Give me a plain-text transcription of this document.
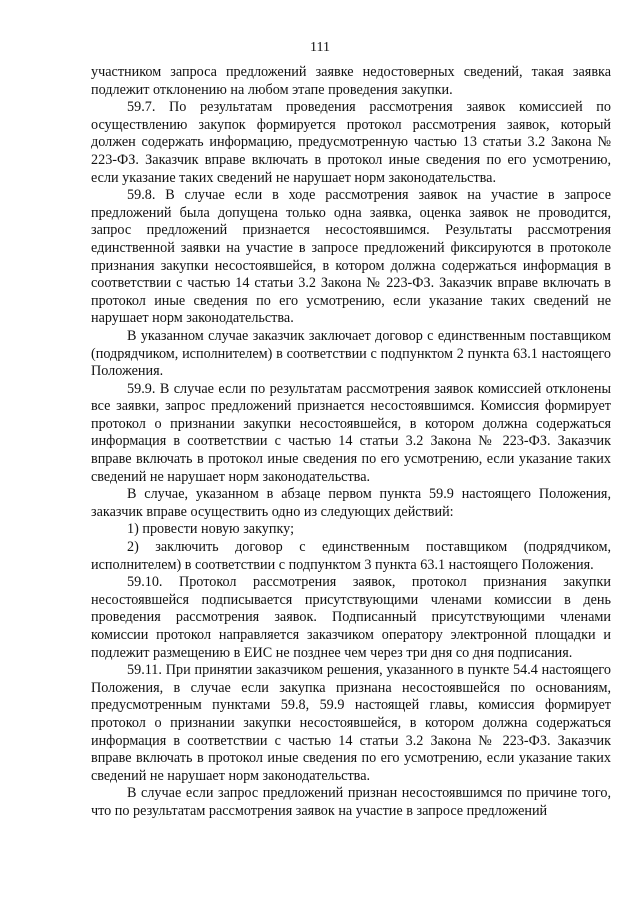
111

участником запроса предложений заявке недостоверных сведений, такая заявка подлежит отклонению на любом этапе проведения закупки.

59.7. По результатам проведения рассмотрения заявок комиссией по осуществлению закупок формируется протокол рассмотрения заявок, который должен содержать информацию, предусмотренную частью 13 статьи 3.2 Закона № 223-ФЗ. Заказчик вправе включать в протокол иные сведения по его усмотрению, если указание таких сведений не нарушает норм законодательства.

59.8. В случае если в ходе рассмотрения заявок на участие в запросе предложений была допущена только одна заявка, оценка заявок не проводится, запрос предложений признается несостоявшимся. Результаты рассмотрения единственной заявки на участие в запросе предложений фиксируются в протоколе признания закупки несостоявшейся, в котором должна содержаться информация в соответствии с частью 14 статьи 3.2 Закона № 223-ФЗ. Заказчик вправе включать в протокол иные сведения по его усмотрению, если указание таких сведений не нарушает норм законодательства.

В указанном случае заказчик заключает договор с единственным поставщиком (подрядчиком, исполнителем) в соответствии с подпунктом 2 пункта 63.1 настоящего Положения.

59.9. В случае если по результатам рассмотрения заявок комиссией отклонены все заявки, запрос предложений признается несостоявшимся. Комиссия формирует протокол о признании закупки несостоявшейся, в котором должна содержаться информация в соответствии с частью 14 статьи 3.2 Закона № 223-ФЗ. Заказчик вправе включать в протокол иные сведения по его усмотрению, если указание таких сведений не нарушает норм законодательства.

В случае, указанном в абзаце первом пункта 59.9 настоящего Положения, заказчик вправе осуществить одно из следующих действий:

1) провести новую закупку;

2) заключить договор с единственным поставщиком (подрядчиком, исполнителем) в соответствии с подпунктом 3 пункта 63.1 настоящего Положения.

59.10. Протокол рассмотрения заявок, протокол признания закупки несостоявшейся подписывается присутствующими членами комиссии в день проведения рассмотрения заявок. Подписанный присутствующими членами комиссии протокол направляется заказчиком оператору электронной площадки и подлежит размещению в ЕИС не позднее чем через три дня со дня подписания.

59.11. При принятии заказчиком решения, указанного в пункте 54.4 настоящего Положения, в случае если закупка признана несостоявшейся по основаниям, предусмотренным пунктами 59.8, 59.9 настоящей главы, комиссия формирует протокол о признании закупки несостоявшейся, в котором должна содержаться информация в соответствии с частью 14 статьи 3.2 Закона № 223-ФЗ. Заказчик вправе включать в протокол иные сведения по его усмотрению, если указание таких сведений не нарушает норм законодательства.

В случае если запрос предложений признан несостоявшимся по причине того, что по результатам рассмотрения заявок на участие в запросе предложений
